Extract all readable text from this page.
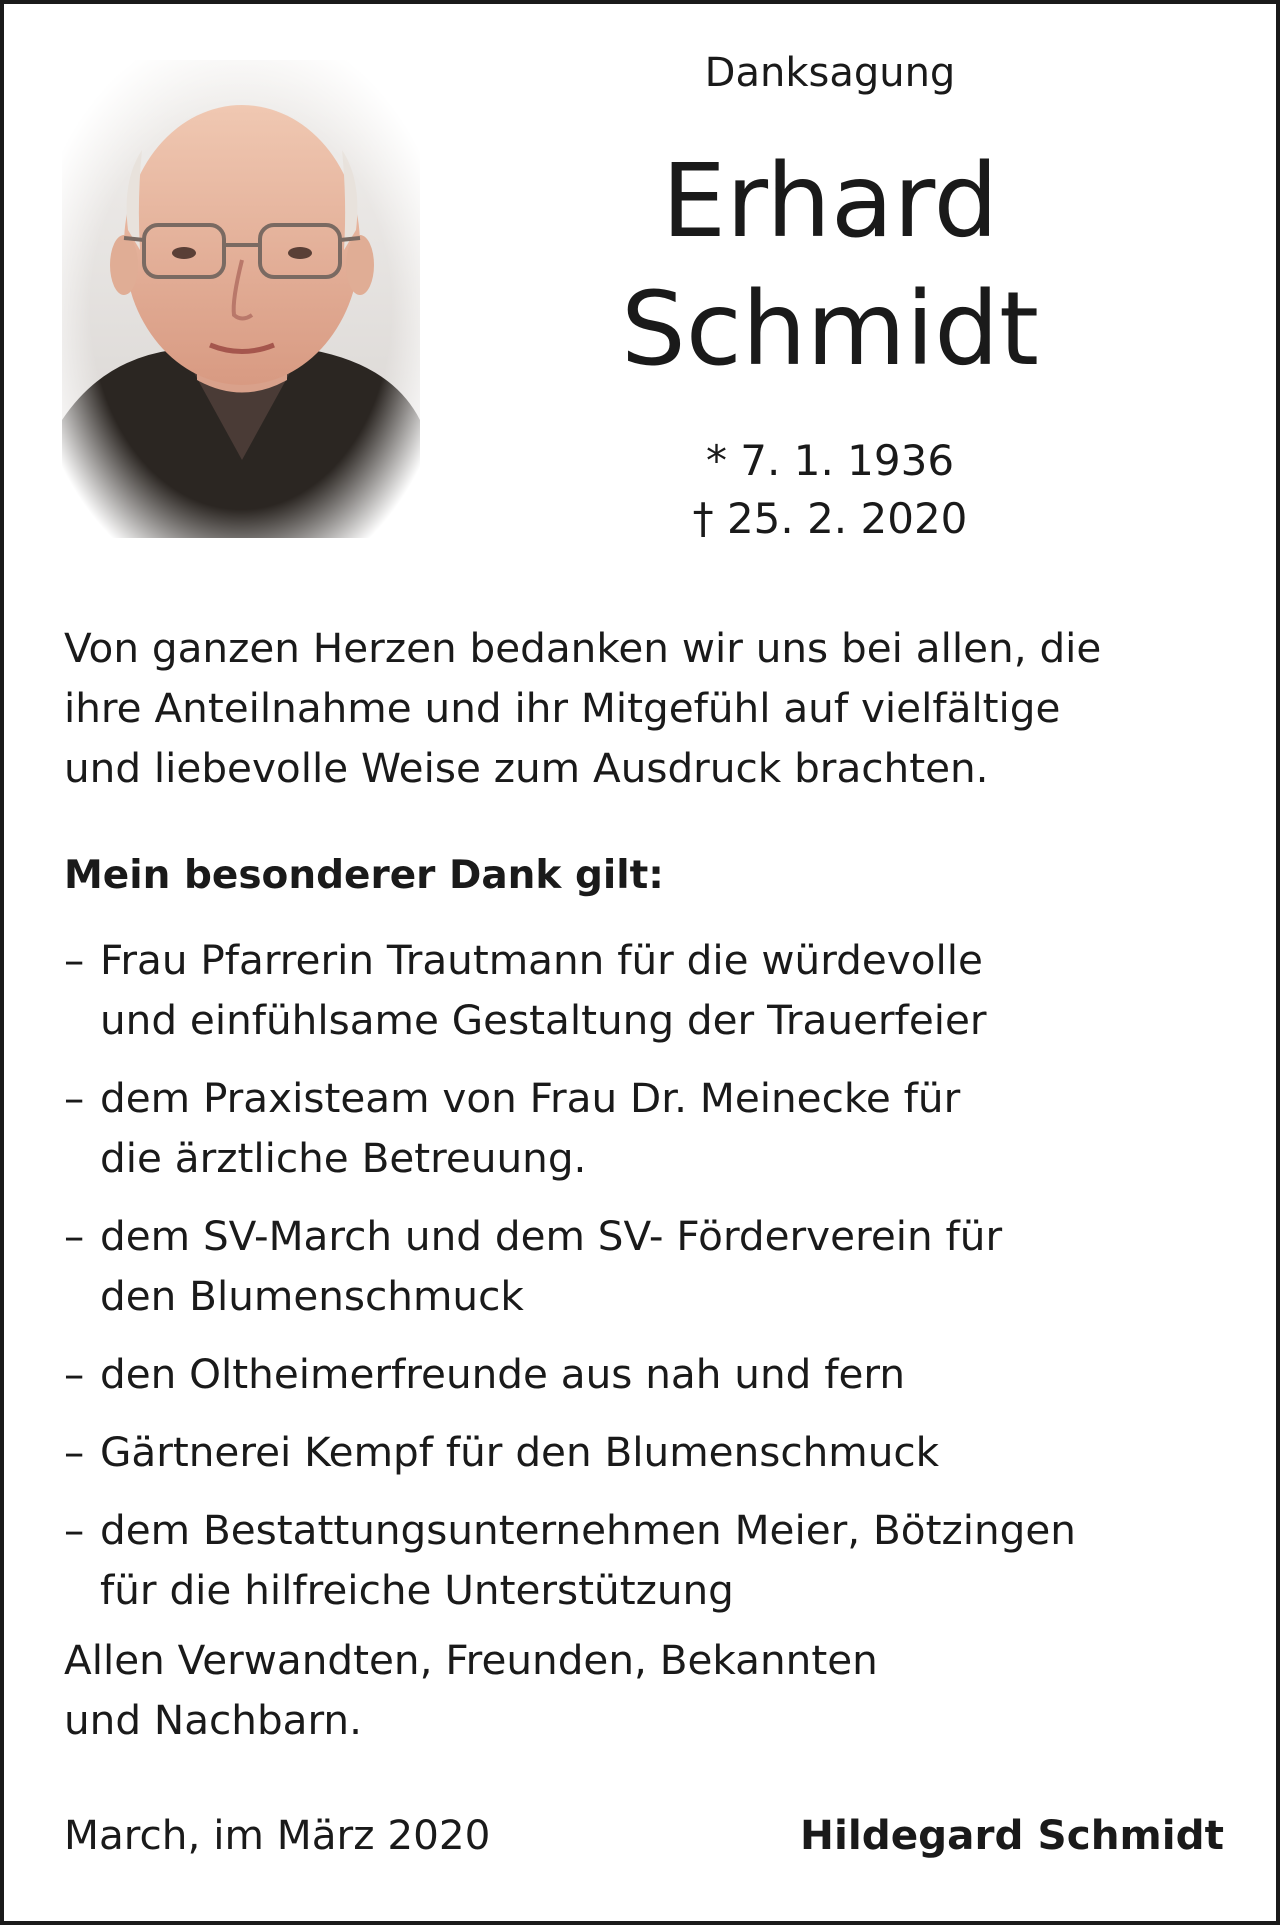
Danksagung
Erhard
Schmidt
* 7. 1. 1936
† 25. 2. 2020
Von ganzen Herzen bedanken wir uns bei allen, die
ihre Anteilnahme und ihr Mitgefühl auf vielfältige
und liebevolle Weise zum Ausdruck brachten.
Mein besonderer Dank gilt:
– Frau Pfarrerin Trautmann für die würdevolle
und einfühlsame Gestaltung der Trauerfeier
– dem Praxisteam von Frau Dr. Meinecke für
die ärztliche Betreuung.
– dem SV-March und dem SV- Förderverein für
den Blumenschmuck
– den Oltheimerfreunde aus nah und fern
– Gärtnerei Kempf für den Blumenschmuck
– dem Bestattungsunternehmen Meier, Bötzingen
für die hilfreiche Unterstützung
Allen Verwandten, Freunden, Bekannten
und Nachbarn.
March, im März 2020	Hildegard Schmidt
